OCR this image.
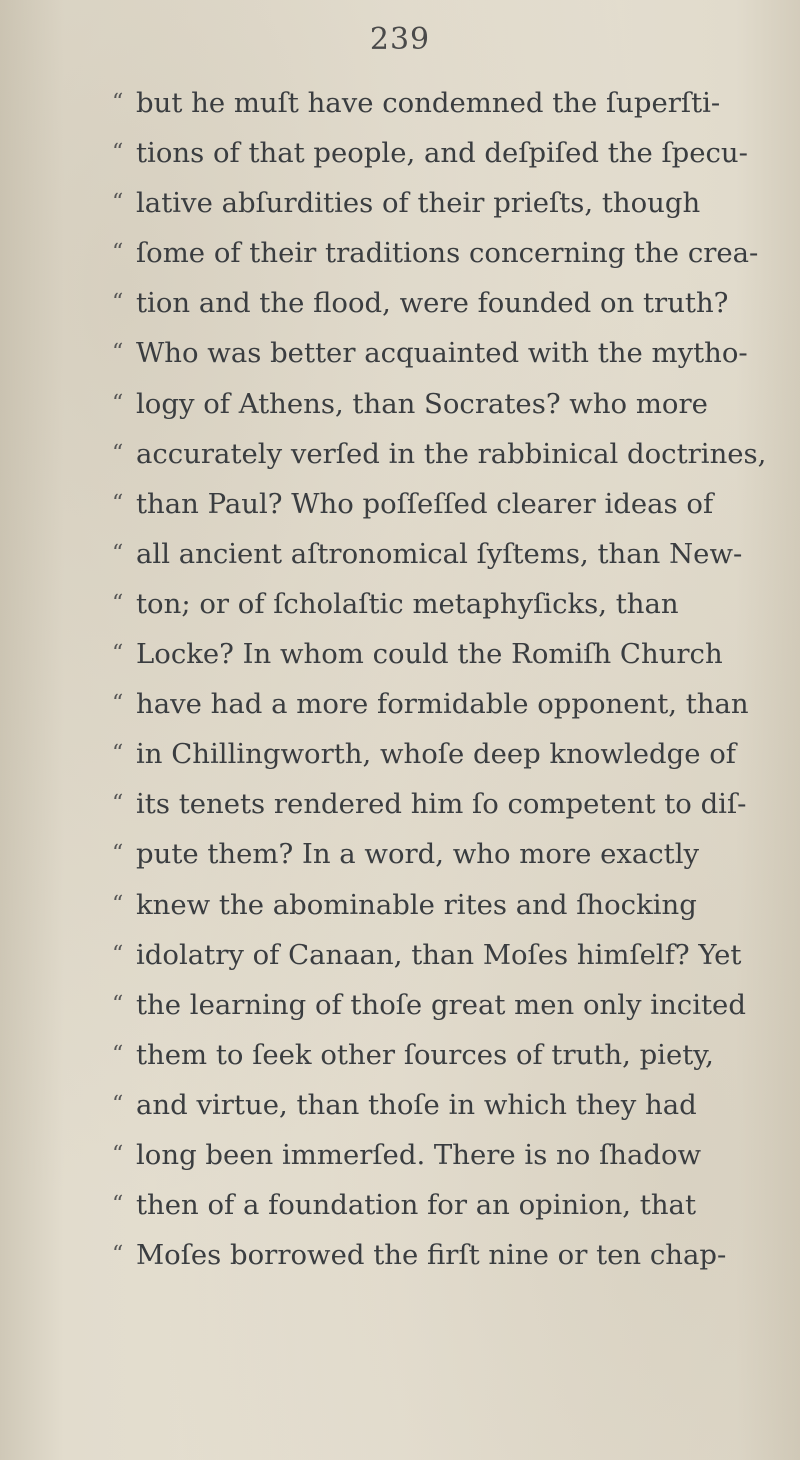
239
“ but he muſt have condemned the ſuperſti-
“ tions of that people, and deſpiſed the ſpecu-
“ lative abſurdities of their prieſts, though
“ ſome of their traditions concerning the crea-
“ tion and the flood, were founded on truth?
“ Who was better acquainted with the mytho-
“ logy of Athens, than Socrates? who more
“ accurately verſed in the rabbinical doctrines,
“ than Paul? Who poſſeſſed clearer ideas of
“ all ancient aſtronomical ſyſtems, than New-
“ ton; or of ſcholaſtic metaphyſicks, than
“ Locke? In whom could the Romiſh Church
“ have had a more formidable opponent, than
“ in Chillingworth, whoſe deep knowledge of
“ its tenets rendered him ſo competent to diſ-
“ pute them? In a word, who more exactly
“ knew the abominable rites and ſhocking
“ idolatry of Canaan, than Moſes himſelf? Yet
“ the learning of thoſe great men only incited
“ them to ſeek other ſources of truth, piety,
“ and virtue, than thoſe in which they had
“ long been immerſed. There is no ſhadow
“ then of a foundation for an opinion, that
“ Moſes borrowed the firſt nine or ten chap-
